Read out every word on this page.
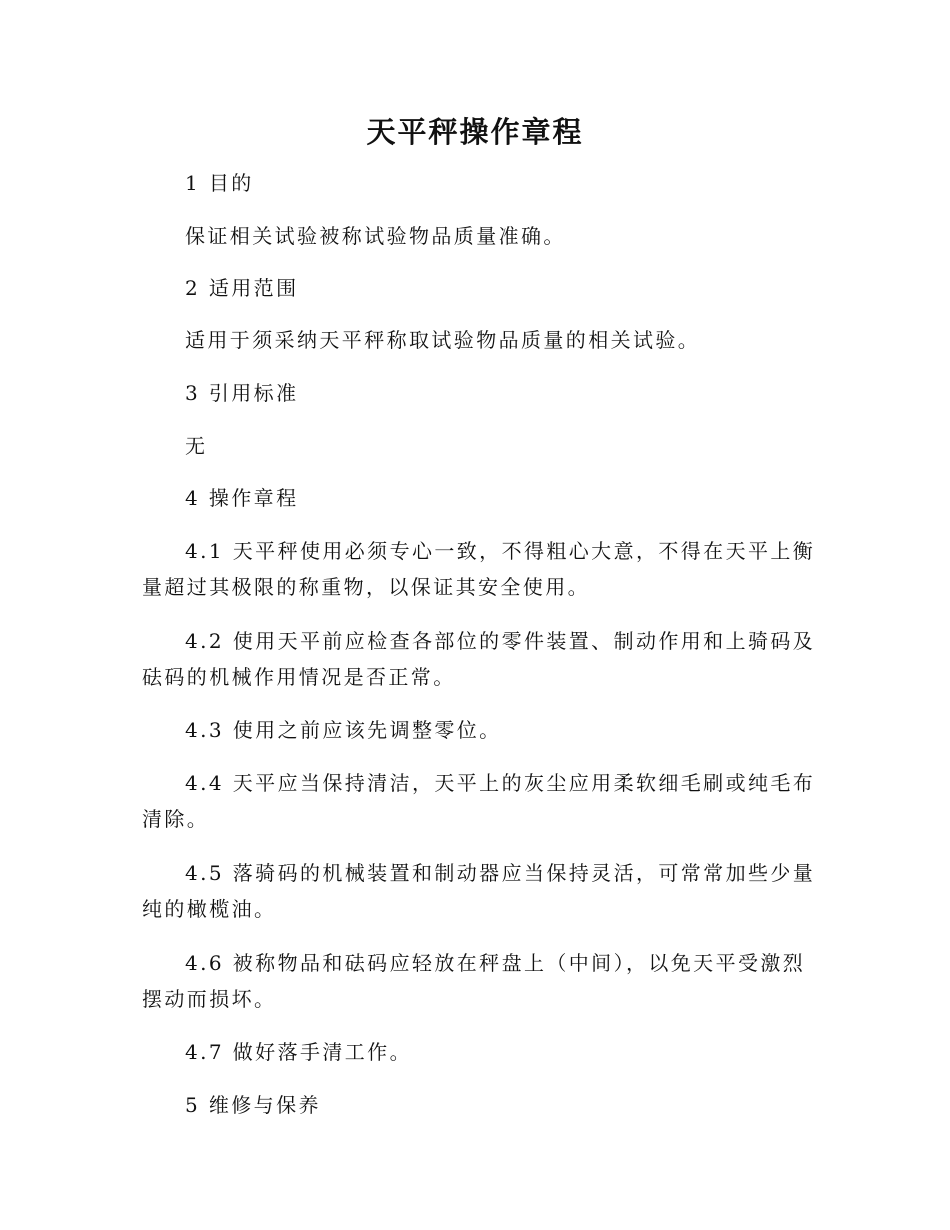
天平秤操作章程
1 目的
保证相关试验被称试验物品质量准确。
2 适用范围
适用于须采纳天平秤称取试验物品质量的相关试验。
3 引用标准
无
4 操作章程
4.1 天平秤使用必须专心一致，不得粗心大意，不得在天平上衡
量超过其极限的称重物，以保证其安全使用。
4.2 使用天平前应检查各部位的零件装置、制动作用和上骑码及
砝码的机械作用情况是否正常。
4.3 使用之前应该先调整零位。
4.4 天平应当保持清洁，天平上的灰尘应用柔软细毛刷或纯毛布
清除。
4.5 落骑码的机械装置和制动器应当保持灵活，可常常加些少量
纯的橄榄油。
4.6 被称物品和砝码应轻放在秤盘上（中间），以免天平受激烈
摆动而损坏。
4.7 做好落手清工作。
5 维修与保养
